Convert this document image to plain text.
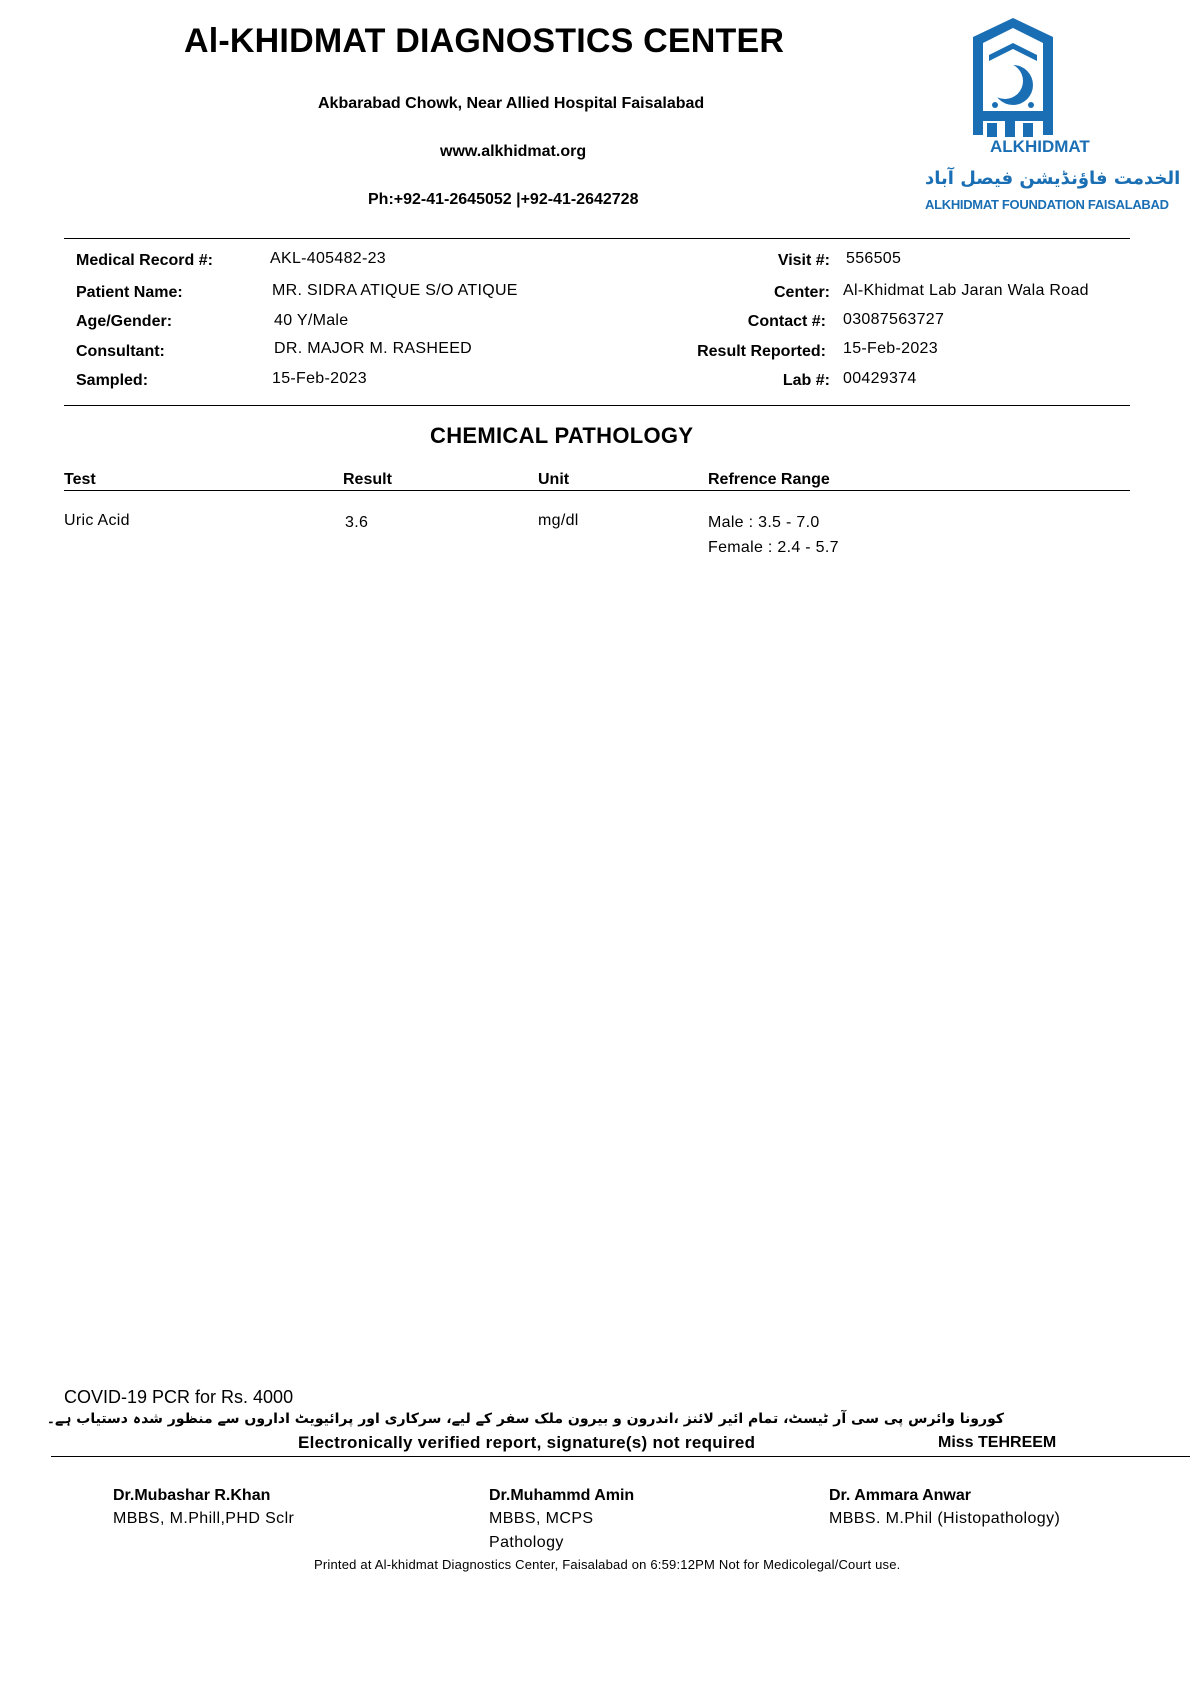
Al-KHIDMAT DIAGNOSTICS CENTER
Akbarabad Chowk, Near Allied Hospital Faisalabad
www.alkhidmat.org
Ph:+92-41-2645052 |+92-41-2642728
ALKHIDMAT
الخدمت فاؤنڈیشن فیصل آباد
ALKHIDMAT FOUNDATION FAISALABAD
Medical Record #:	AKL-405482-23
Patient Name:	MR. SIDRA ATIQUE S/O ATIQUE
Age/Gender:	40 Y/Male
Consultant:	DR. MAJOR M. RASHEED
Sampled:	15-Feb-2023
Visit #: 556505
Center: Al-Khidmat Lab Jaran Wala Road
Contact #: 03087563727
Result Reported: 15-Feb-2023
Lab #: 00429374
CHEMICAL PATHOLOGY
Test	Result	Unit	Refrence Range
Uric Acid	3.6	mg/dl	Male : 3.5 - 7.0
Female : 2.4 - 5.7
COVID-19 PCR for Rs. 4000
کورونا وائرس پی سی آر ٹیسٹ، تمام ائیر لائنز ،اندرون و بیرون ملک سفر کے لیے، سرکاری اور پرائیویٹ اداروں سے منظور شدہ دستیاب ہے۔
Electronically verified report, signature(s) not required	Miss TEHREEM
Dr.Mubashar R.Khan
MBBS, M.Phill,PHD Sclr
Dr.Muhammd Amin
MBBS, MCPS
Pathology
Dr. Ammara Anwar
MBBS. M.Phil (Histopathology)
Printed at Al-khidmat Diagnostics Center, Faisalabad on 6:59:12PM Not for Medicolegal/Court use.
